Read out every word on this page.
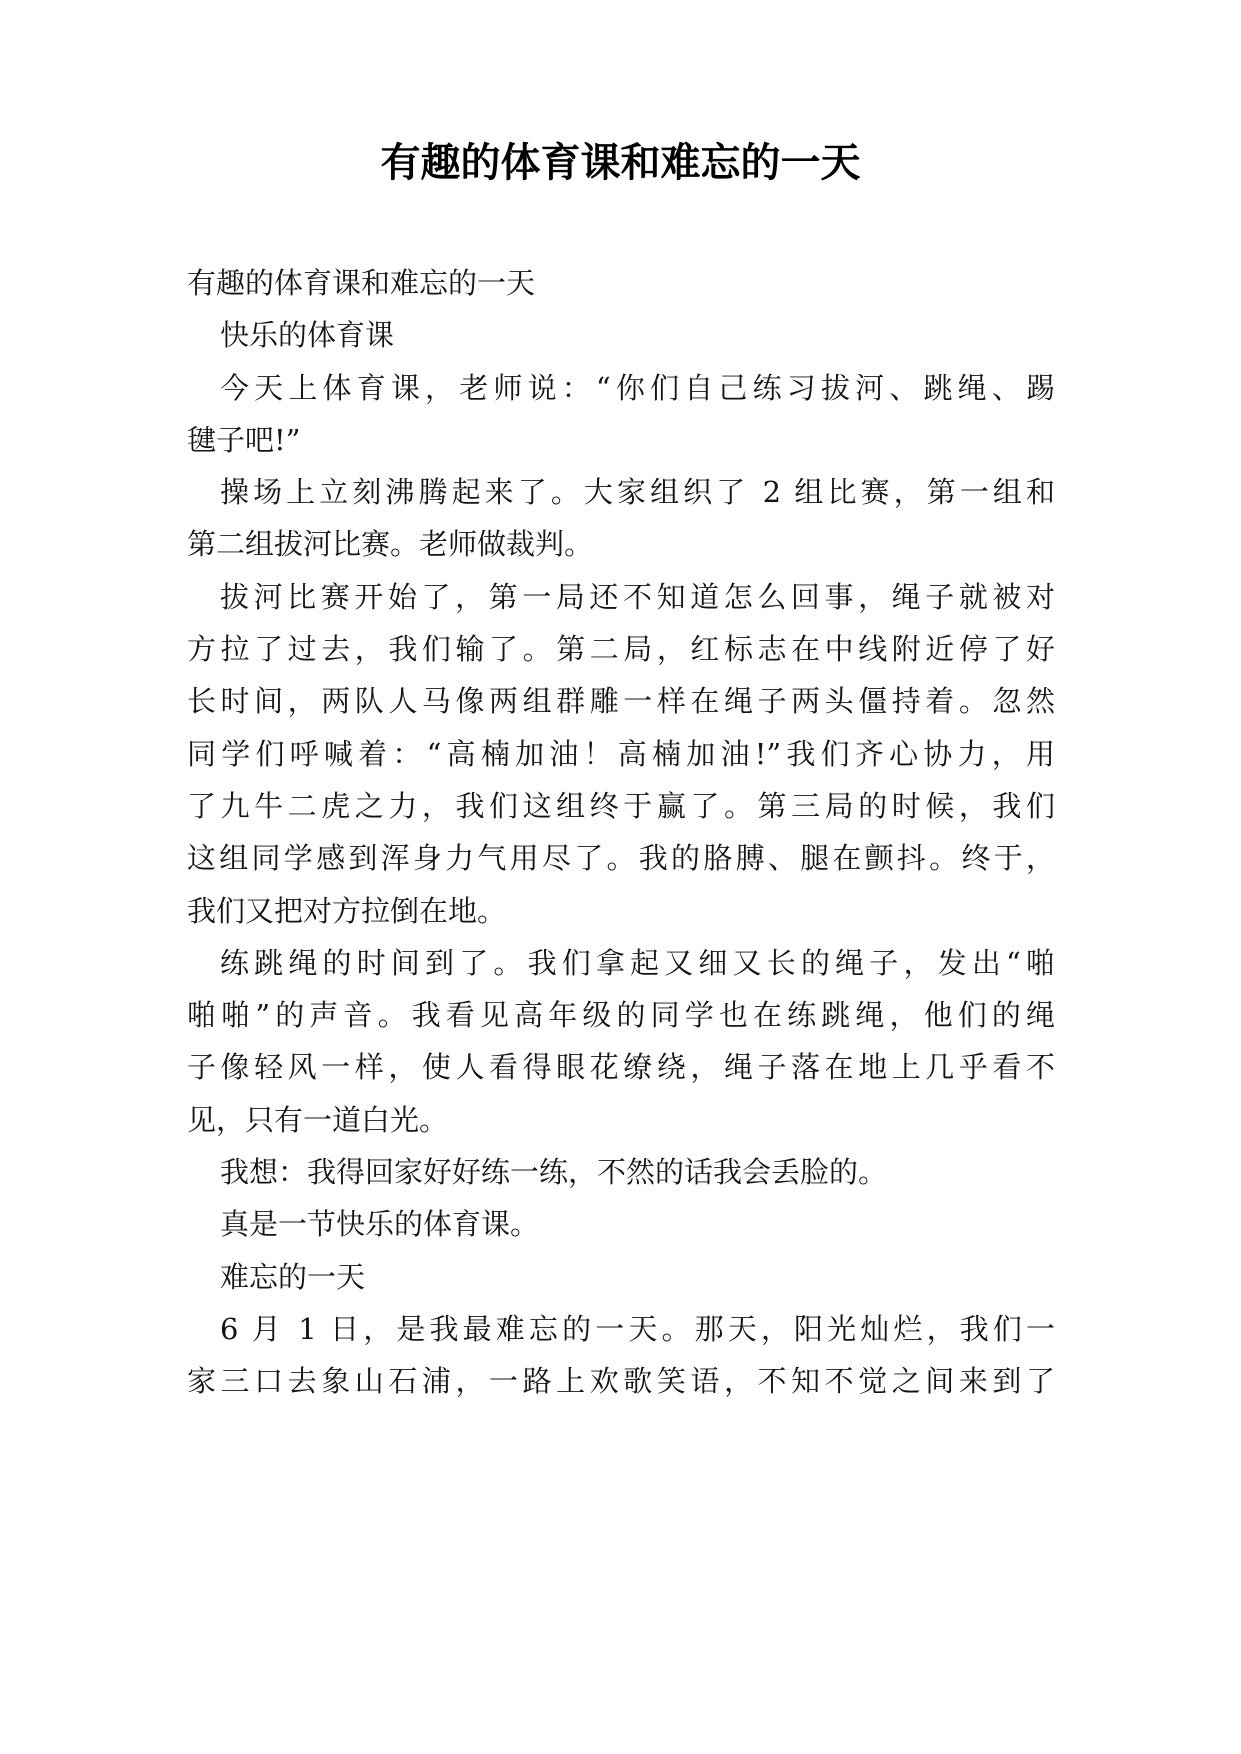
有趣的体育课和难忘的一天

有趣的体育课和难忘的一天

快乐的体育课

今天上体育课，老师说：“你们自己练习拔河、跳绳、踢
毽子吧!”

操场上立刻沸腾起来了。大家组织了 2 组比赛，第一组和
第二组拔河比赛。老师做裁判。

拔河比赛开始了，第一局还不知道怎么回事，绳子就被对
方拉了过去，我们输了。第二局，红标志在中线附近停了好
长时间，两队人马像两组群雕一样在绳子两头僵持着。忽然
同学们呼喊着：“高楠加油！高楠加油!”我们齐心协力，用
了九牛二虎之力，我们这组终于赢了。第三局的时候，我们
这组同学感到浑身力气用尽了。我的胳膊、腿在颤抖。终于，
我们又把对方拉倒在地。

练跳绳的时间到了。我们拿起又细又长的绳子，发出“啪
啪啪”的声音。我看见高年级的同学也在练跳绳，他们的绳
子像轻风一样，使人看得眼花缭绕，绳子落在地上几乎看不
见，只有一道白光。

我想：我得回家好好练一练，不然的话我会丢脸的。

真是一节快乐的体育课。

难忘的一天

6 月 1 日，是我最难忘的一天。那天，阳光灿烂，我们一
家三口去象山石浦，一路上欢歌笑语，不知不觉之间来到了
